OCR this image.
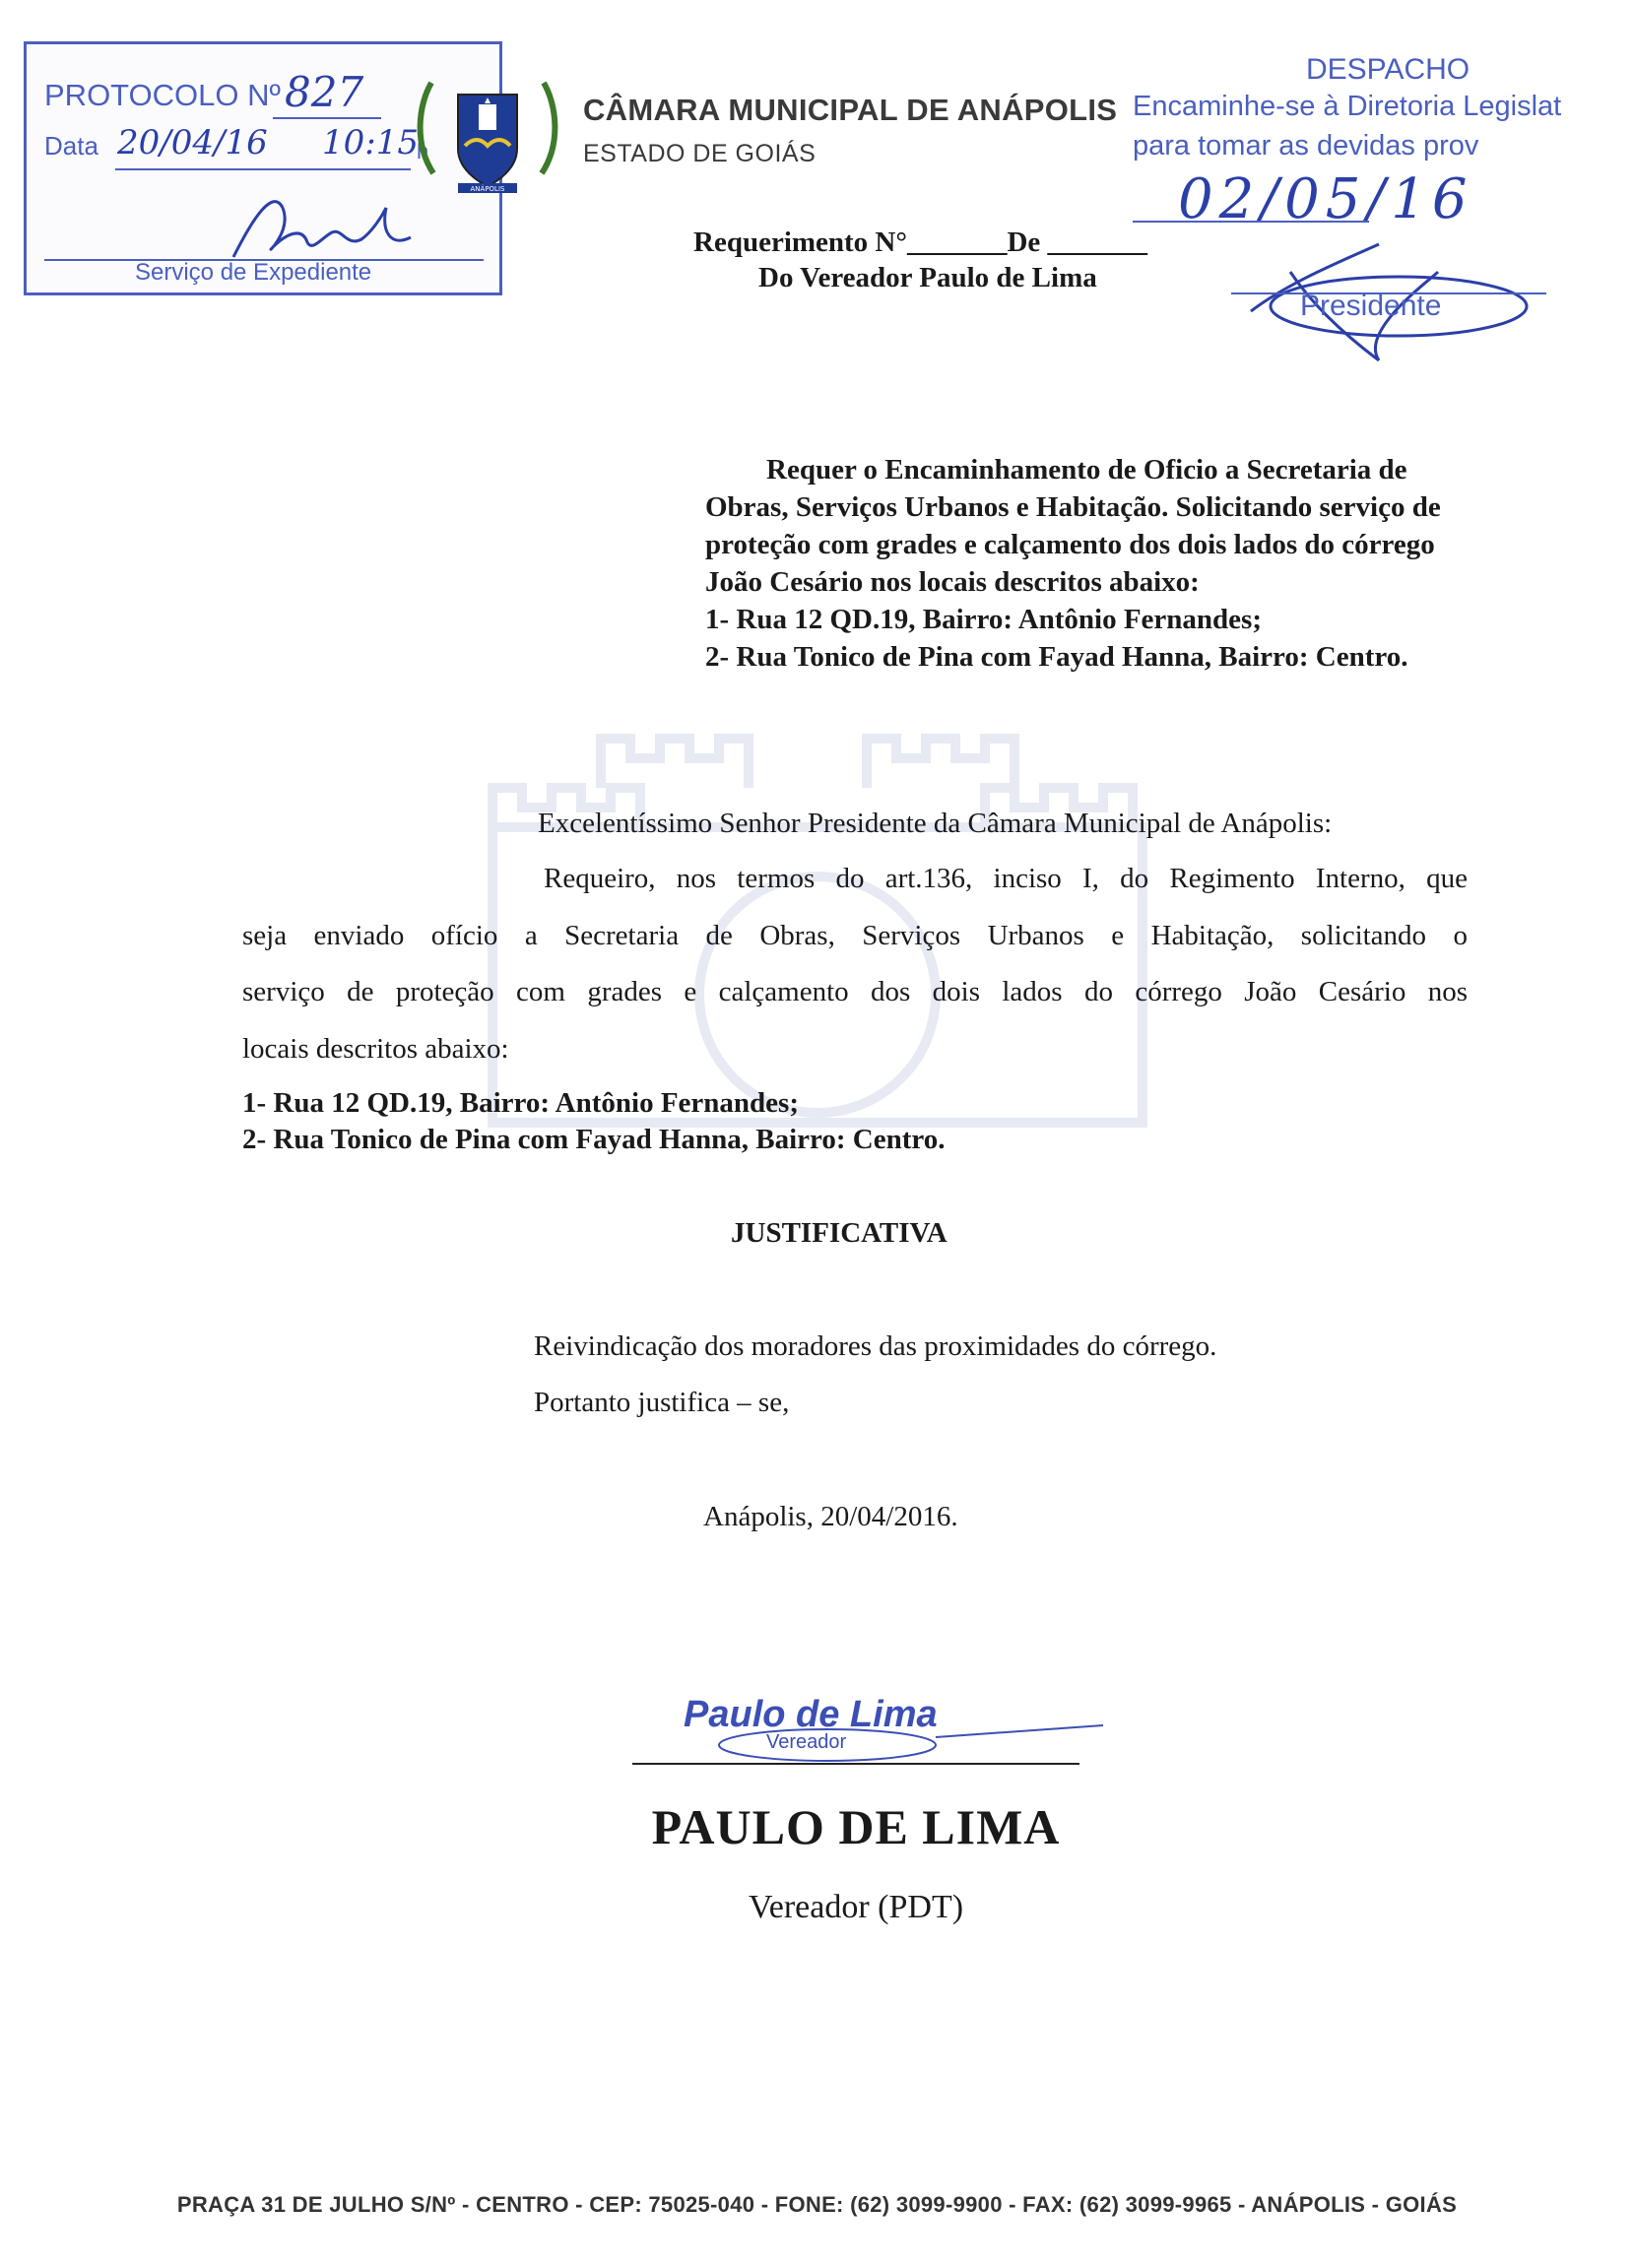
PROTOCOLO Nº 827
Data 20/04/16 10:15
h
Serviço de Expediente
ANÁPOLIS
CÂMARA MUNICIPAL DE ANÁPOLIS
ESTADO DE GOIÁS
DESPACHO
Encaminhe-se à Diretoria Legislat
para tomar as devidas prov
02/05/16
Presidente
Requerimento N°_______De _______
Do Vereador Paulo de Lima

Requer o Encaminhamento de Oficio a Secretaria de Obras, Serviços Urbanos e Habitação. Solicitando serviço de proteção com grades e calçamento dos dois lados do córrego João Cesário nos locais descritos abaixo:

1- Rua 12 QD.19, Bairro: Antônio Fernandes;

2- Rua Tonico de Pina com Fayad Hanna, Bairro: Centro.

Excelentíssimo Senhor Presidente da Câmara Municipal de Anápolis:
Requeiro, nos termos do art.136, inciso I, do Regimento Interno, que
seja enviado ofício a Secretaria de Obras, Serviços Urbanos e Habitação, solicitando o
serviço de proteção com grades e calçamento dos dois lados do córrego João Cesário nos
locais descritos abaixo:
1- Rua 12 QD.19, Bairro: Antônio Fernandes;
2- Rua Tonico de Pina com Fayad Hanna, Bairro: Centro.
JUSTIFICATIVA
Reivindicação dos moradores das proximidades do córrego.
Portanto justifica – se,
Anápolis, 20/04/2016.
Paulo de Lima
Vereador
PAULO DE LIMA
Vereador (PDT)
PRAÇA 31 DE JULHO S/Nº - CENTRO - CEP: 75025-040 - FONE: (62) 3099-9900 - FAX: (62) 3099-9965 - ANÁPOLIS - GOIÁS
